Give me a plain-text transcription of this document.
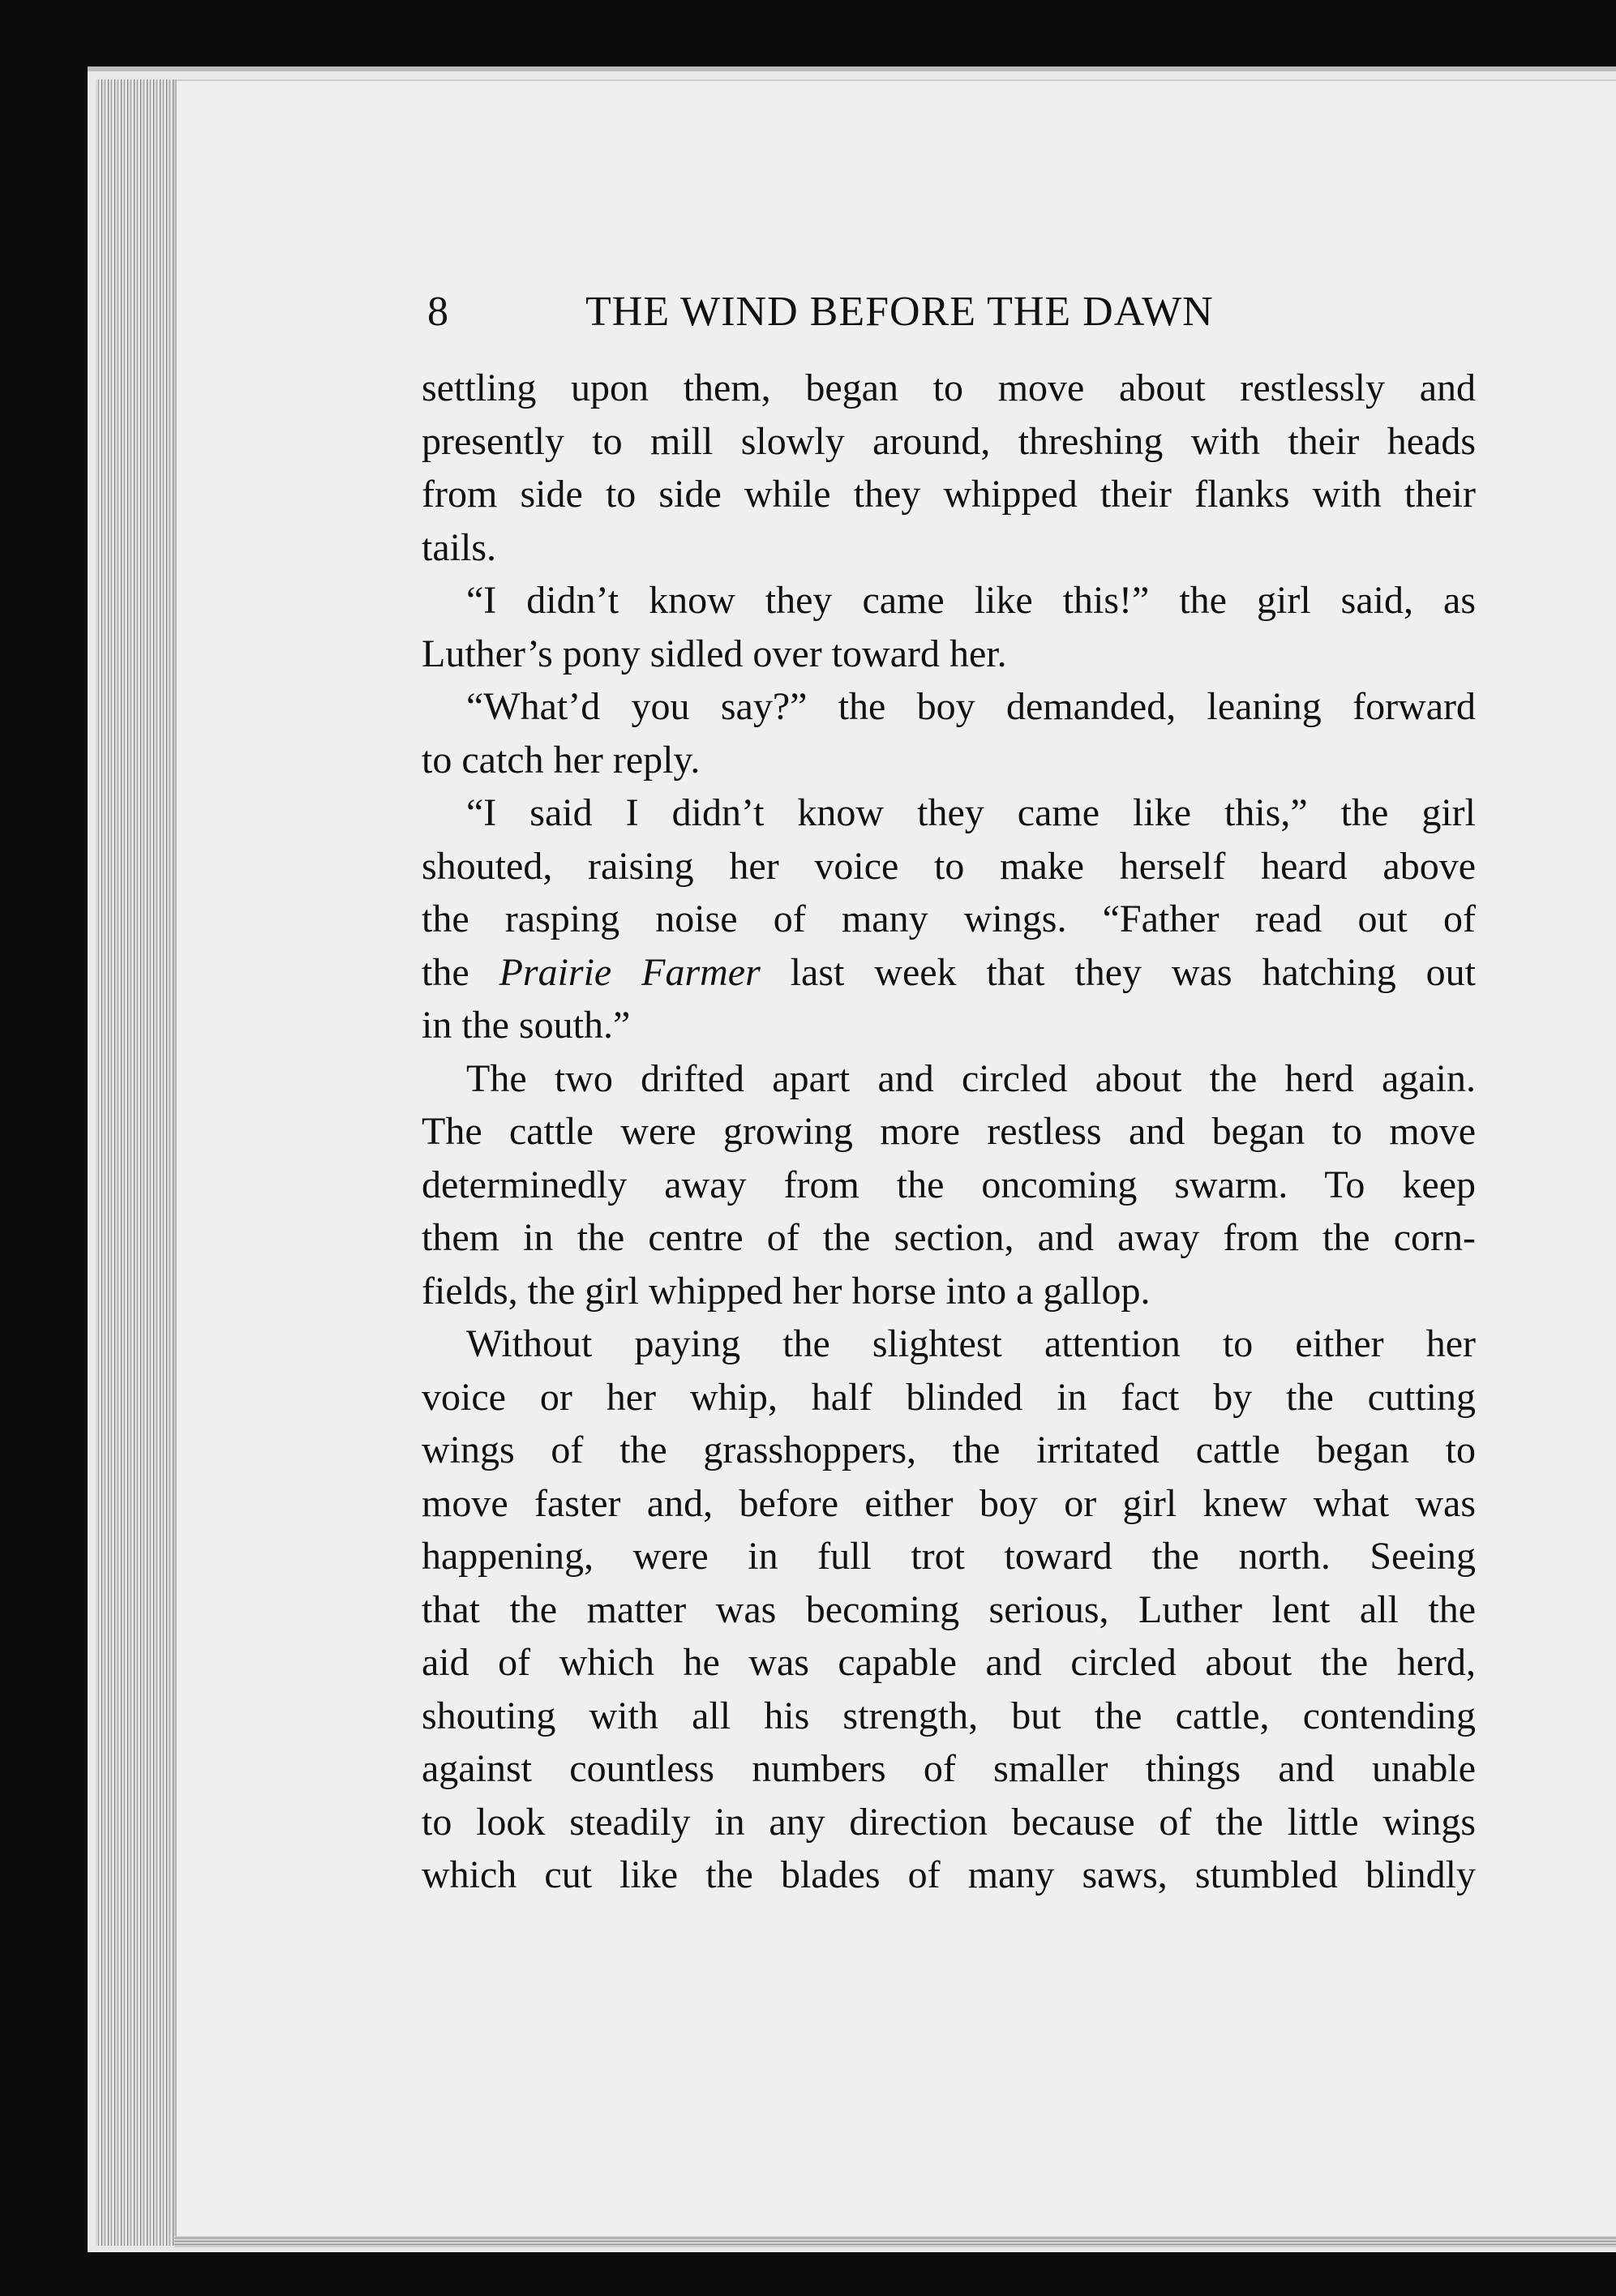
8	THE WIND BEFORE THE DAWN
settling upon them, began to move about restlessly and
presently to mill slowly around, threshing with their heads
from side to side while they whipped their flanks with their
tails.
“I didn’t know they came like this!” the girl said, as
Luther’s pony sidled over toward her.
“What’d you say?” the boy demanded, leaning forward
to catch her reply.
“I said I didn’t know they came like this,” the girl
shouted, raising her voice to make herself heard above
the rasping noise of many wings. “Father read out of
the Prairie Farmer last week that they was hatching out
in the south.”
The two drifted apart and circled about the herd again.
The cattle were growing more restless and began to move
determinedly away from the oncoming swarm. To keep
them in the centre of the section, and away from the corn-
fields, the girl whipped her horse into a gallop.
Without paying the slightest attention to either her
voice or her whip, half blinded in fact by the cutting
wings of the grasshoppers, the irritated cattle began to
move faster and, before either boy or girl knew what was
happening, were in full trot toward the north. Seeing
that the matter was becoming serious, Luther lent all the
aid of which he was capable and circled about the herd,
shouting with all his strength, but the cattle, contending
against countless numbers of smaller things and unable
to look steadily in any direction because of the little wings
which cut like the blades of many saws, stumbled blindly
